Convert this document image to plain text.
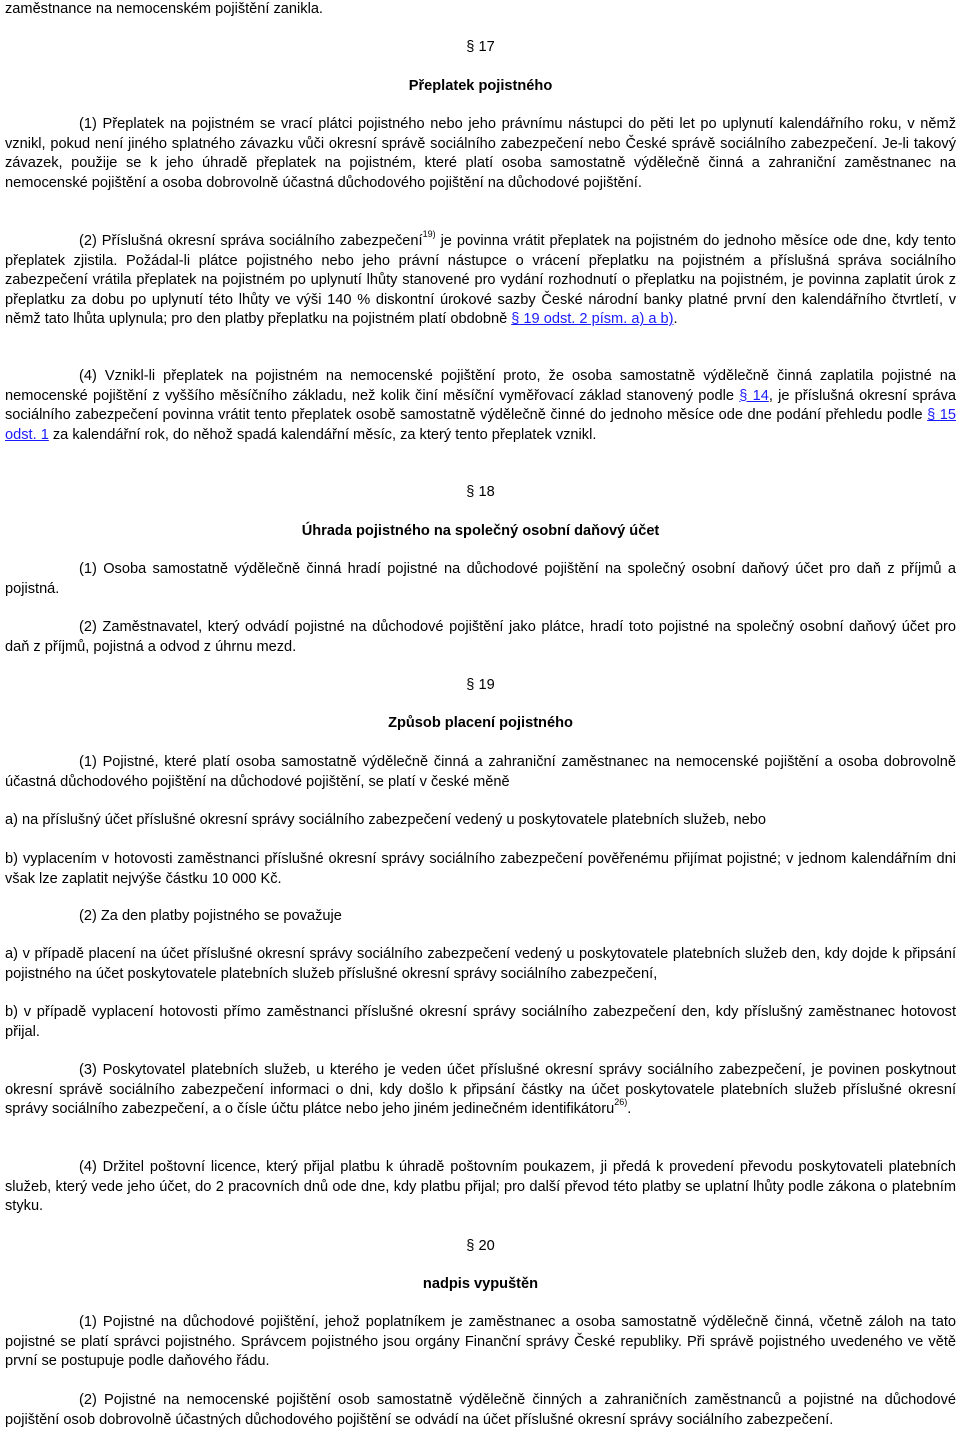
zaměstnance na nemocenském pojištění zanikla.

§ 17

Přeplatek pojistného

(1) Přeplatek na pojistném se vrací plátci pojistného nebo jeho právnímu nástupci do pěti let po uplynutí kalendářního roku, v němž vznikl, pokud není jiného splatného závazku vůči okresní správě sociálního zabezpečení nebo České správě sociálního zabezpečení. Je-li takový závazek, použije se k jeho úhradě přeplatek na pojistném, které platí osoba samostatně výdělečně činná a zahraniční zaměstnanec na nemocenské pojištění a osoba dobrovolně účastná důchodového pojištění na důchodové pojištění.

(2) Příslušná okresní správa sociálního zabezpečení$^{19)}$ je povinna vrátit přeplatek na pojistném do jednoho měsíce ode dne, kdy tento přeplatek zjistila. Požádal-li plátce pojistného nebo jeho právní nástupce o vrácení přeplatku na pojistném a příslušná správa sociálního zabezpečení vrátila přeplatek na pojistném po uplynutí lhůty stanovené pro vydání rozhodnutí o přeplatku na pojistném, je povinna zaplatit úrok z přeplatku za dobu po uplynutí této lhůty ve výši 140 % diskontní úrokové sazby České národní banky platné první den kalendářního čtvrtletí, v němž tato lhůta uplynula; pro den platby přeplatku na pojistném platí obdobně § 19 odst. 2 písm. a) a b).

(4) Vznikl-li přeplatek na pojistném na nemocenské pojištění proto, že osoba samostatně výdělečně činná zaplatila pojistné na nemocenské pojištění z vyššího měsíčního základu, než kolik činí měsíční vyměřovací základ stanovený podle § 14, je příslušná okresní správa sociálního zabezpečení povinna vrátit tento přeplatek osobě samostatně výdělečně činné do jednoho měsíce ode dne podání přehledu podle § 15 odst. 1 za kalendářní rok, do něhož spadá kalendářní měsíc, za který tento přeplatek vznikl.

§ 18

Úhrada pojistného na společný osobní daňový účet

(1) Osoba samostatně výdělečně činná hradí pojistné na důchodové pojištění na společný osobní daňový účet pro daň z příjmů a pojistná.

(2) Zaměstnavatel, který odvádí pojistné na důchodové pojištění jako plátce, hradí toto pojistné na společný osobní daňový účet pro daň z příjmů, pojistná a odvod z úhrnu mezd.

§ 19

Způsob placení pojistného

(1) Pojistné, které platí osoba samostatně výdělečně činná a zahraniční zaměstnanec na nemocenské pojištění a osoba dobrovolně účastná důchodového pojištění na důchodové pojištění, se platí v české měně

a) na příslušný účet příslušné okresní správy sociálního zabezpečení vedený u poskytovatele platebních služeb, nebo

b) vyplacením v hotovosti zaměstnanci příslušné okresní správy sociálního zabezpečení pověřenému přijímat pojistné; v jednom kalendářním dni však lze zaplatit nejvýše částku 10 000 Kč.

(2) Za den platby pojistného se považuje

a) v případě placení na účet příslušné okresní správy sociálního zabezpečení vedený u poskytovatele platebních služeb den, kdy dojde k připsání pojistného na účet poskytovatele platebních služeb příslušné okresní správy sociálního zabezpečení,

b) v případě vyplacení hotovosti přímo zaměstnanci příslušné okresní správy sociálního zabezpečení den, kdy příslušný zaměstnanec hotovost přijal.

(3) Poskytovatel platebních služeb, u kterého je veden účet příslušné okresní správy sociálního zabezpečení, je povinen poskytnout okresní správě sociálního zabezpečení informaci o dni, kdy došlo k připsání částky na účet poskytovatele platebních služeb příslušné okresní správy sociálního zabezpečení, a o čísle účtu plátce nebo jeho jiném jedinečném identifikátoru$^{26)}$.

(4) Držitel poštovní licence, který přijal platbu k úhradě poštovním poukazem, ji předá k provedení převodu poskytovateli platebních služeb, který vede jeho účet, do 2 pracovních dnů ode dne, kdy platbu přijal; pro další převod této platby se uplatní lhůty podle zákona o platebním styku.

§ 20

nadpis vypuštěn

(1) Pojistné na důchodové pojištění, jehož poplatníkem je zaměstnanec a osoba samostatně výdělečně činná, včetně záloh na tato pojistné se platí správci pojistného. Správcem pojistného jsou orgány Finanční správy České republiky. Při správě pojistného uvedeného ve větě první se postupuje podle daňového řádu.

(2) Pojistné na nemocenské pojištění osob samostatně výdělečně činných a zahraničních zaměstnanců a pojistné na důchodové pojištění osob dobrovolně účastných důchodového pojištění se odvádí na účet příslušné okresní správy sociálního zabezpečení.
